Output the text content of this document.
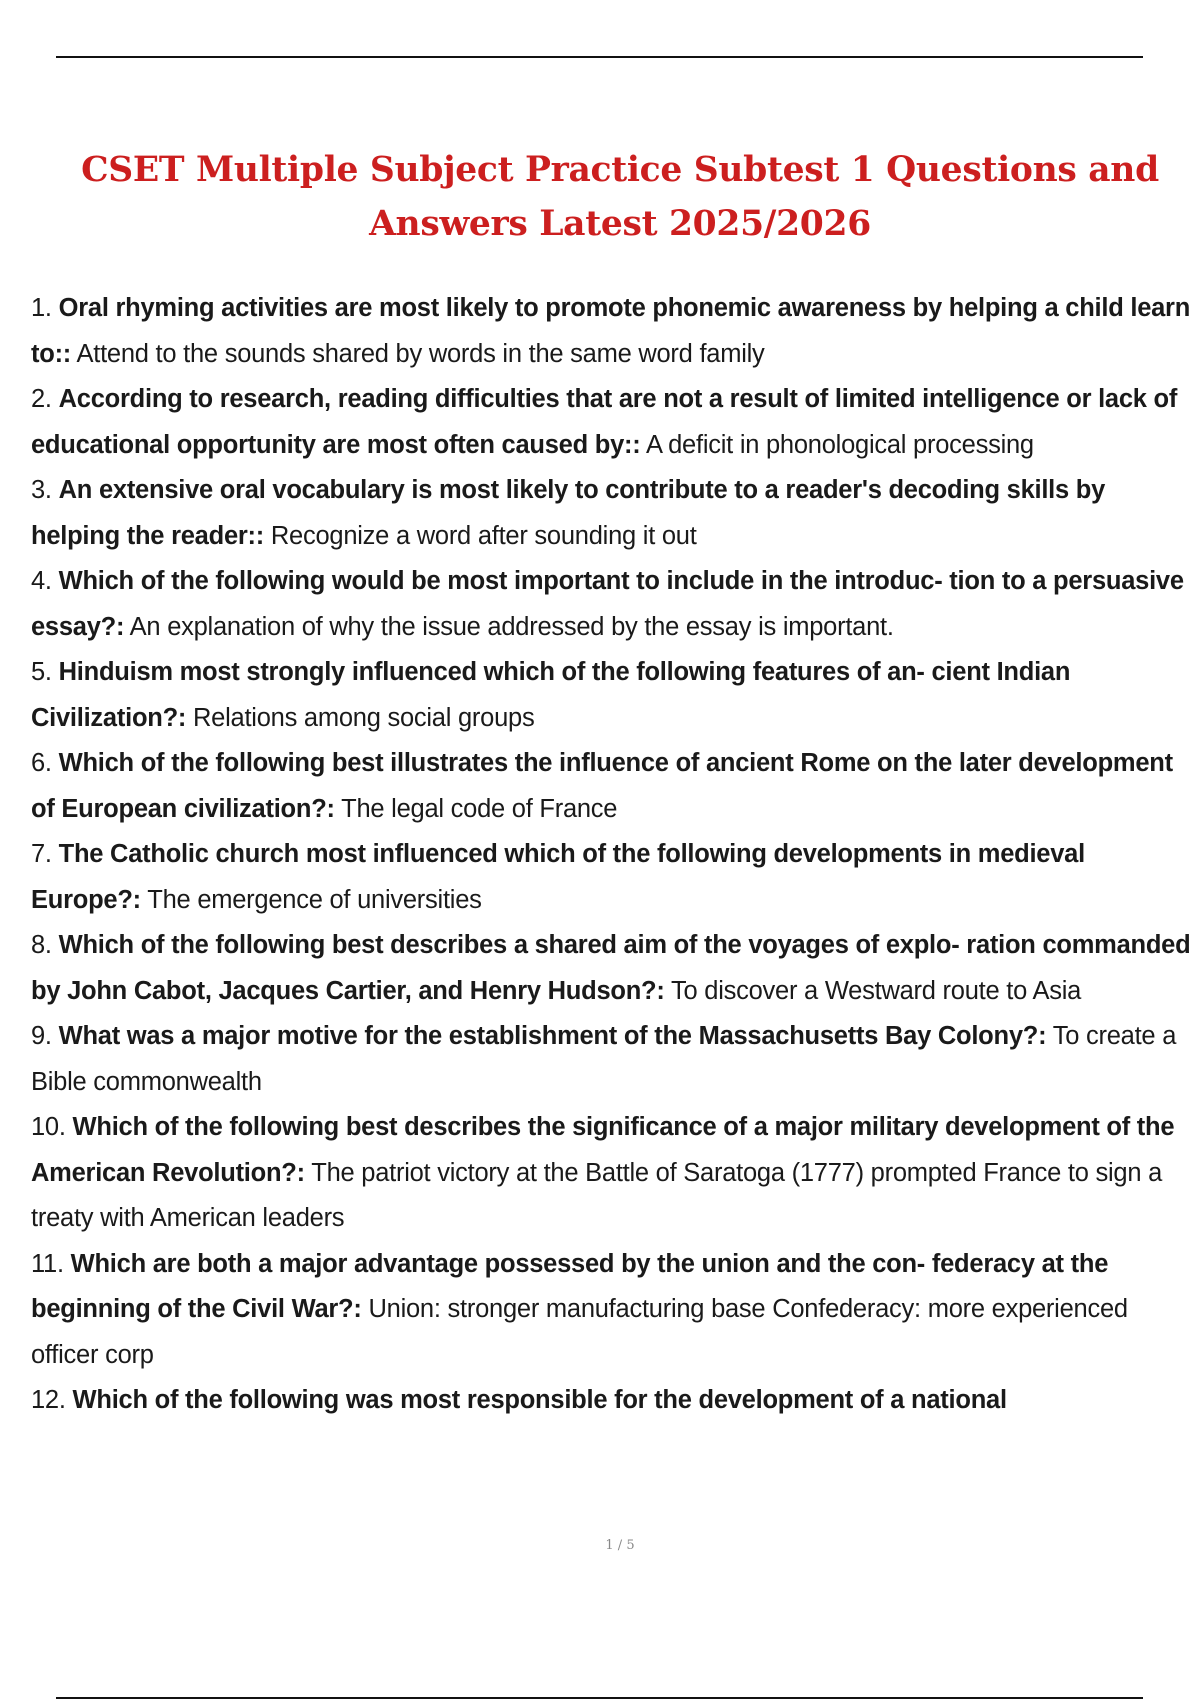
CSET Multiple Subject Practice Subtest 1 Questions and Answers Latest 2025/2026
1. Oral rhyming activities are most likely to promote phonemic awareness by helping a child learn to:: Attend to the sounds shared by words in the same word family
2. According to research, reading difficulties that are not a result of limited intelligence or lack of educational opportunity are most often caused by:: A deficit in phonological processing
3. An extensive oral vocabulary is most likely to contribute to a reader's decoding skills by helping the reader:: Recognize a word after sounding it out
4. Which of the following would be most important to include in the introduc- tion to a persuasive essay?: An explanation of why the issue addressed by the essay is important.
5. Hinduism most strongly influenced which of the following features of an- cient Indian Civilization?: Relations among social groups
6. Which of the following best illustrates the influence of ancient Rome on the later development of European civilization?: The legal code of France
7. The Catholic church most influenced which of the following developments in medieval Europe?: The emergence of universities
8. Which of the following best describes a shared aim of the voyages of explo- ration commanded by John Cabot, Jacques Cartier, and Henry Hudson?: To discover a Westward route to Asia
9. What was a major motive for the establishment of the Massachusetts Bay Colony?: To create a Bible commonwealth
10. Which of the following best describes the significance of a major military development of the American Revolution?: The patriot victory at the Battle of Saratoga (1777) prompted France to sign a treaty with American leaders
11. Which are both a major advantage possessed by the union and the con- federacy at the beginning of the Civil War?: Union: stronger manufacturing base Confederacy: more experienced officer corp
12. Which of the following was most responsible for the development of a national
1 / 5
